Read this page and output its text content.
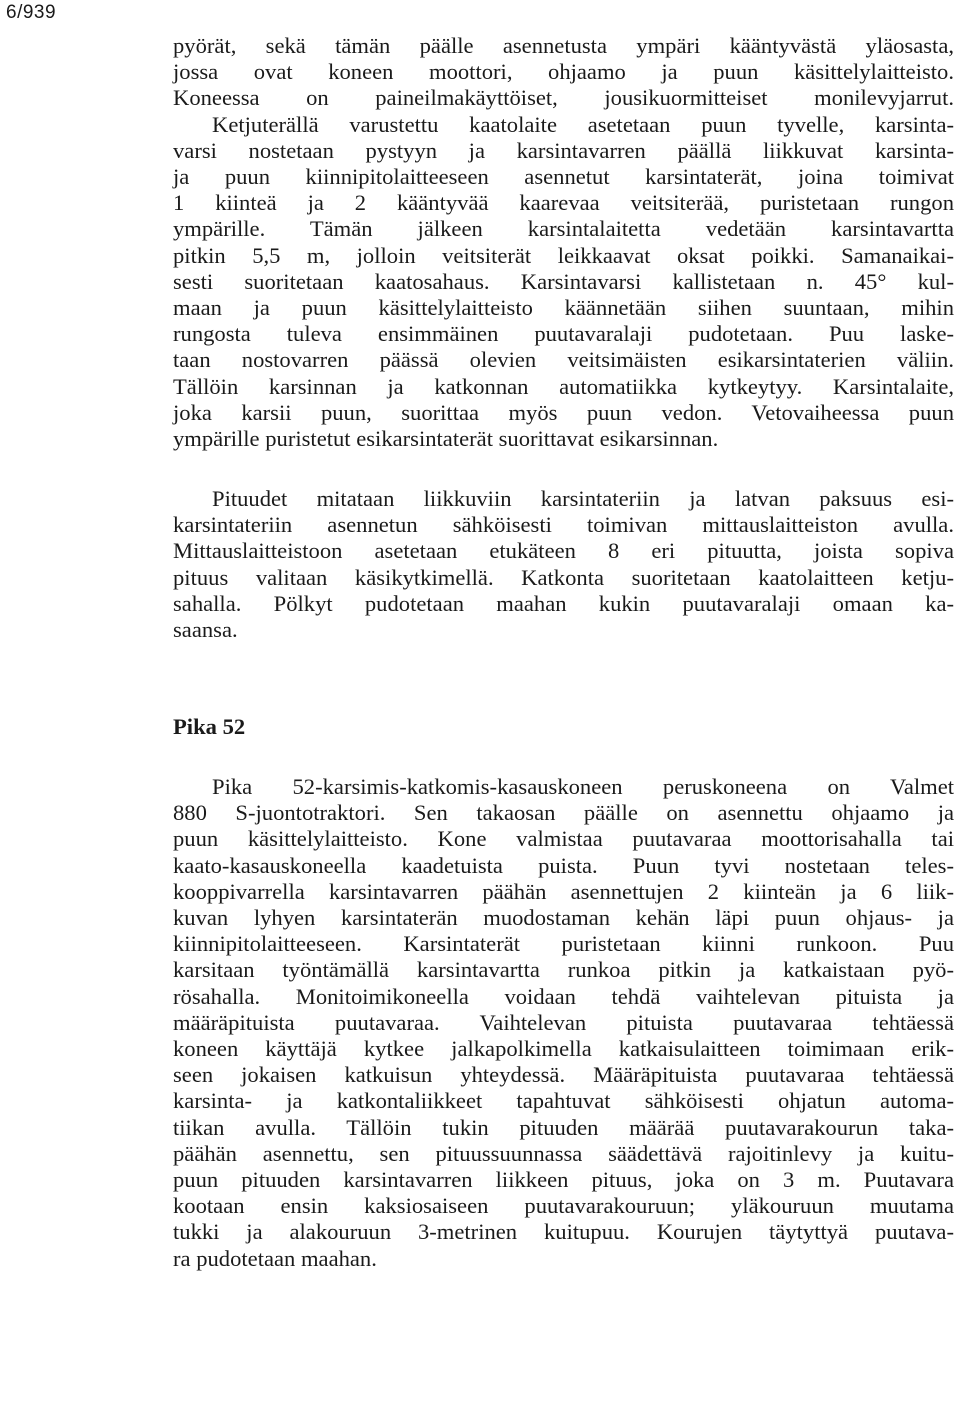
6/939
pyörät, sekä tämän päälle asennetusta ympäri kääntyvästä yläosasta,
jossa ovat koneen moottori, ohjaamo ja puun käsittelylaitteisto.
Koneessa on paineilmakäyttöiset, jousikuormitteiset monilevyjarrut.
Ketjuterällä varustettu kaatolaite asetetaan puun tyvelle, karsinta-
varsi nostetaan pystyyn ja karsintavarren päällä liikkuvat karsinta-
ja puun kiinnipitolaitteeseen asennetut karsintaterät, joina toimivat
1 kiinteä ja 2 kääntyvää kaarevaa veitsiterää, puristetaan rungon
ympärille. Tämän jälkeen karsintalaitetta vedetään karsintavartta
pitkin 5,5 m, jolloin veitsiterät leikkaavat oksat poikki. Samanaikai-
sesti suoritetaan kaatosahaus. Karsintavarsi kallistetaan n. 45° kul-
maan ja puun käsittelylaitteisto käännetään siihen suuntaan, mihin
rungosta tuleva ensimmäinen puutavaralaji pudotetaan. Puu laske-
taan nostovarren päässä olevien veitsimäisten esikarsintaterien väliin.
Tällöin karsinnan ja katkonnan automatiikka kytkeytyy. Karsintalaite,
joka karsii puun, suorittaa myös puun vedon. Vetovaiheessa puun
ympärille puristetut esikarsintaterät suorittavat esikarsinnan.
Pituudet mitataan liikkuviin karsintateriin ja latvan paksuus esi-
karsintateriin asennetun sähköisesti toimivan mittauslaitteiston avulla.
Mittauslaitteistoon asetetaan etukäteen 8 eri pituutta, joista sopiva
pituus valitaan käsikytkimellä. Katkonta suoritetaan kaatolaitteen ketju-
sahalla. Pölkyt pudotetaan maahan kukin puutavaralaji omaan ka-
saansa.
Pika 52
Pika 52-karsimis-katkomis-kasauskoneen peruskoneena on Valmet
880 S-juontotraktori. Sen takaosan päälle on asennettu ohjaamo ja
puun käsittelylaitteisto. Kone valmistaa puutavaraa moottorisahalla tai
kaato-kasauskoneella kaadetuista puista. Puun tyvi nostetaan teles-
kooppivarrella karsintavarren päähän asennettujen 2 kiinteän ja 6 liik-
kuvan lyhyen karsintaterän muodostaman kehän läpi puun ohjaus- ja
kiinnipitolaitteeseen. Karsintaterät puristetaan kiinni runkoon. Puu
karsitaan työntämällä karsintavartta runkoa pitkin ja katkaistaan pyö-
rösahalla. Monitoimikoneella voidaan tehdä vaihtelevan pituista ja
määräpituista puutavaraa. Vaihtelevan pituista puutavaraa tehtäessä
koneen käyttäjä kytkee jalkapolkimella katkaisulaitteen toimimaan erik-
seen jokaisen katkuisun yhteydessä. Määräpituista puutavaraa tehtäessä
karsinta- ja katkontaliikkeet tapahtuvat sähköisesti ohjatun automa-
tiikan avulla. Tällöin tukin pituuden määrää puutavarakourun taka-
päähän asennettu, sen pituussuunnassa säädettävä rajoitinlevy ja kuitu-
puun pituuden karsintavarren liikkeen pituus, joka on 3 m. Puutavara
kootaan ensin kaksiosaiseen puutavarakouruun; yläkouruun muutama
tukki ja alakouruun 3-metrinen kuitupuu. Kourujen täytyttyä puutava-
ra pudotetaan maahan.
